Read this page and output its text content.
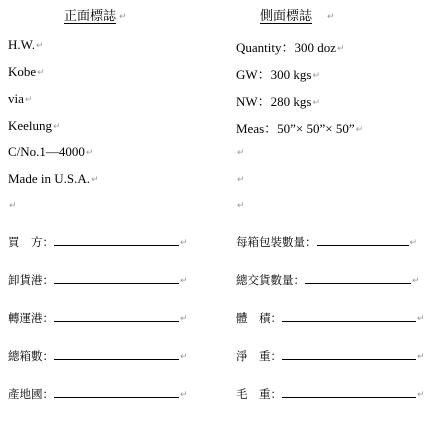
正面標誌 ↵	側面標誌 ↵
H.W.↵
Kobe↵
via↵
Keelung↵
C/No.1—4000↵
Made in U.S.A.↵
↵
Quantity：300 doz↵
GW：300 kgs↵
NW：280 kgs↵
Meas：50”× 50”× 50”↵
↵
↵
↵
買　方：	↵
卸貨港：	↵
轉運港：	↵
總箱數：	↵
產地國：	↵
每箱包裝數量：	↵
總交貨數量：	↵
體　積：	↵
淨　重：	↵
毛　重：	↵
